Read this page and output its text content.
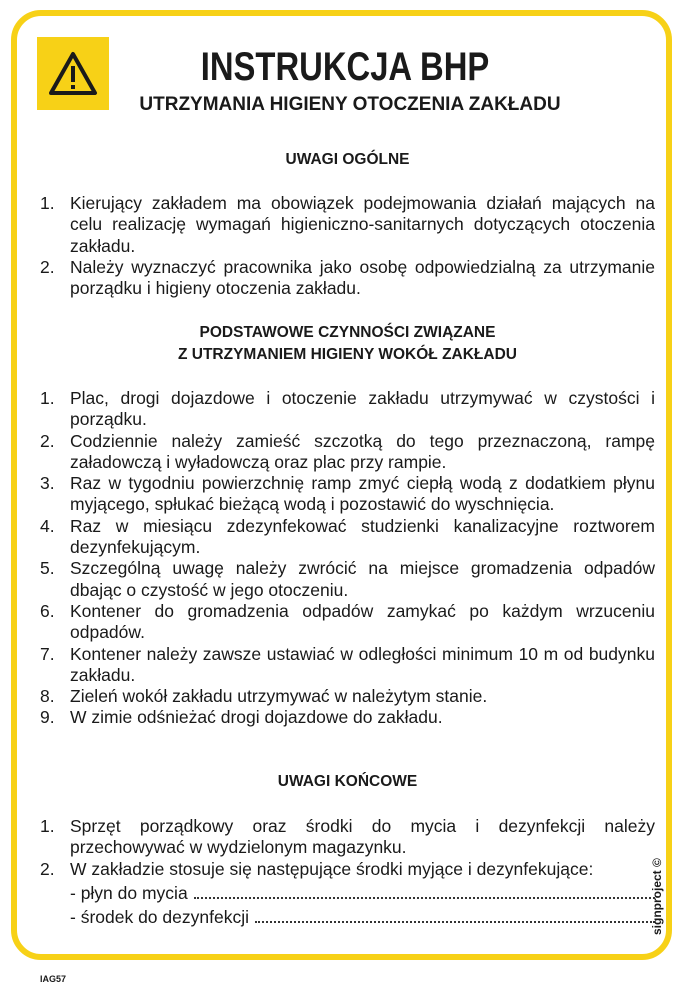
INSTRUKCJA BHP
UTRZYMANIA HIGIENY OTOCZENIA ZAKŁADU
UWAGI OGÓLNE
1. Kierujący zakładem ma obowiązek podejmowania działań mających na celu realizację wymagań higieniczno-sanitarnych dotyczących otoczenia zakładu.
2. Należy wyznaczyć pracownika jako osobę odpowiedzialną za utrzymanie porządku i higieny otoczenia zakładu.
PODSTAWOWE CZYNNOŚCI ZWIĄZANE
Z UTRZYMANIEM HIGIENY WOKÓŁ ZAKŁADU
1. Plac, drogi dojazdowe i otoczenie zakładu utrzymywać w czystości i porządku.
2. Codziennie należy zamieść szczotką do tego przeznaczoną, rampę załadowczą i wyładowczą oraz plac przy rampie.
3. Raz w tygodniu powierzchnię ramp zmyć ciepłą wodą z dodatkiem płynu myjącego, spłukać bieżącą wodą i pozostawić do wyschnięcia.
4. Raz w miesiącu zdezynfekować studzienki kanalizacyjne roztworem dezynfekującym.
5. Szczególną uwagę należy zwrócić na miejsce gromadzenia odpadów dbając o czystość w jego otoczeniu.
6. Kontener do gromadzenia odpadów zamykać po każdym wrzuceniu odpadów.
7. Kontener należy zawsze ustawiać w odległości minimum 10 m od budynku zakładu.
8. Zieleń wokół zakładu utrzymywać w należytym stanie.
9. W zimie odśnieżać drogi dojazdowe do zakładu.
UWAGI KOŃCOWE
1. Sprzęt porządkowy oraz środki do mycia i dezynfekcji należy przechowywać w wydzielonym magazynku.
2. W zakładzie stosuje się następujące środki myjące i dezynfekujące:
- płyn do mycia
- środek do dezynfekcji	signproject ©
IAG57
